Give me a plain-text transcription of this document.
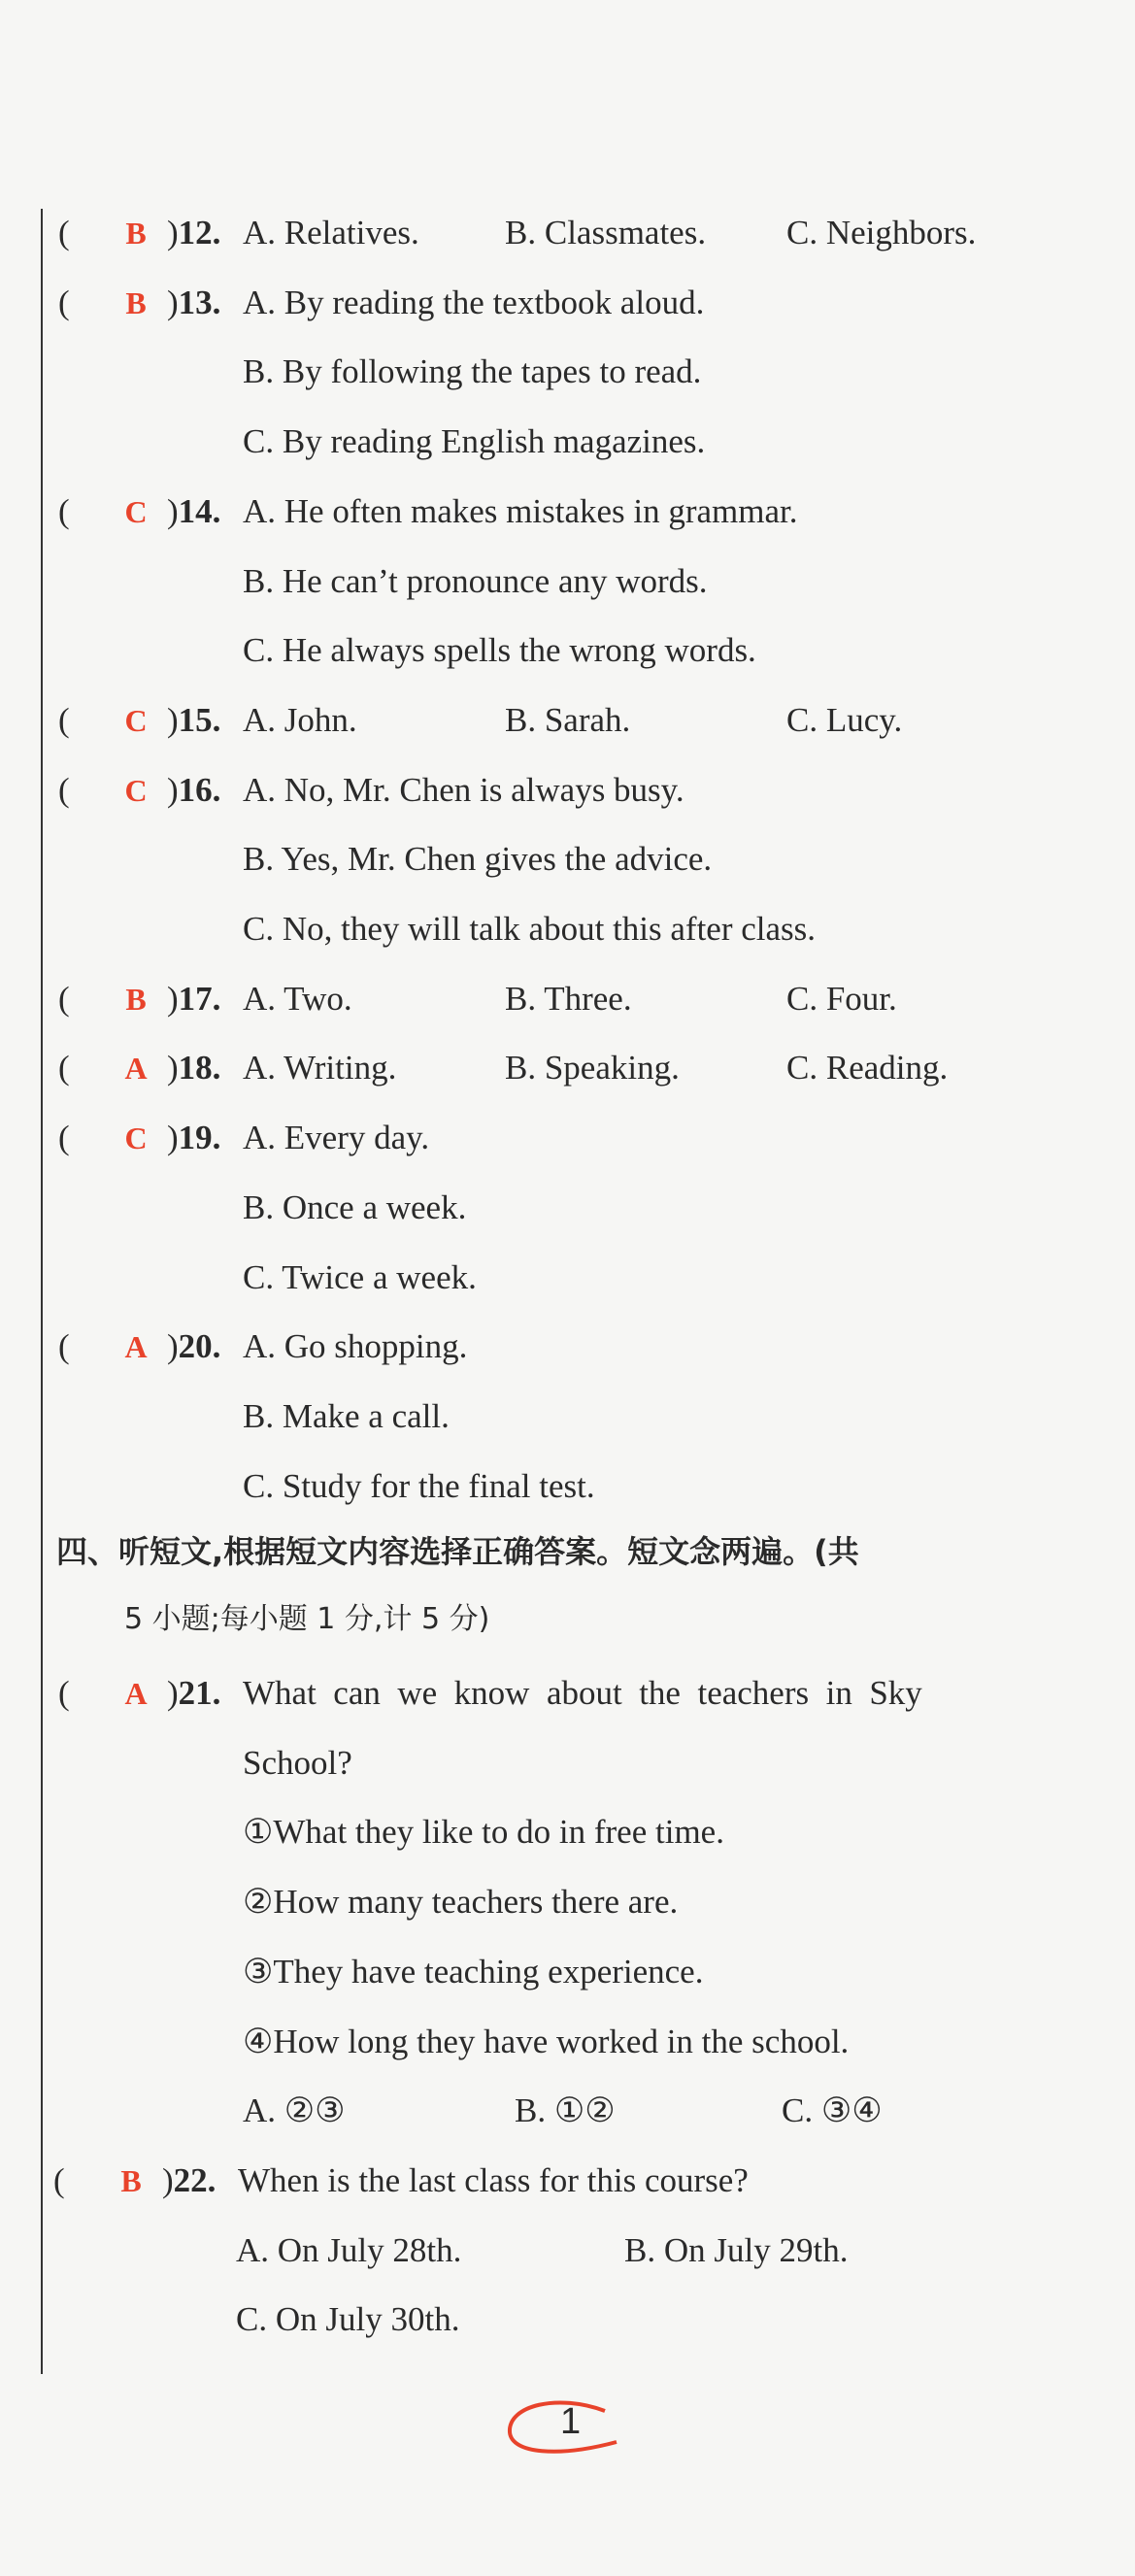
(	B )12. A. Relatives.	B. Classmates. C. Neighbors.
(	B )13. A. By reading the textbook aloud.
B. By following the tapes to read.
C. By reading English magazines.
(	C )14. A. He often makes mistakes in grammar.
B. He can’t pronounce any words.
C. He always spells the wrong words.
(	C )15. A. John.	B. Sarah.	C. Lucy.
(	C )16. A. No, Mr. Chen is always busy.
B. Yes, Mr. Chen gives the advice.
C. No, they will talk about this after class.
(	B )17. A. Two.	B. Three.	C. Four.
(	A )18. A. Writing.	B. Speaking.	C. Reading.
(	C )19. A. Every day.
B. Once a week.
C. Twice a week.
(	A )20. A. Go shopping.
B. Make a call.
C. Study for the final test.
四、听短文,根据短文内容选择正确答案。短文念两遍。(共
5 小题;每小题 1 分,计 5 分)
(	A )21. What  can  we  know  about  the  teachers  in  Sky
School?
①What they like to do in free time.
②How many teachers there are.
③They have teaching experience.
④How long they have worked in the school.
A. ②③	B. ①②	C. ③④
(	B )22. When is the last class for this course?
A. On July 28th.	B. On July 29th.
C. On July 30th.
1
